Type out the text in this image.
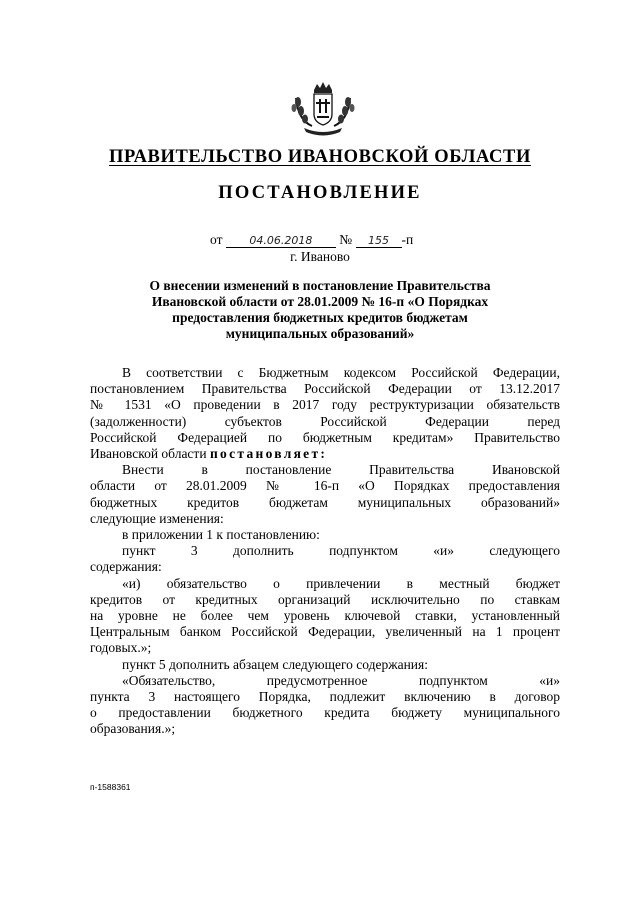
ПРАВИТЕЛЬСТВО ИВАНОВСКОЙ ОБЛАСТИ
ПОСТАНОВЛЕНИЕ
от 04.06.2018 № 155 -п
г. Иваново
О внесении изменений в постановление Правительства
Ивановской области от 28.01.2009 № 16-п «О Порядках
предоставления бюджетных кредитов бюджетам
муниципальных образований»
В соответствии с Бюджетным кодексом Российской Федерации,
постановлением Правительства Российской Федерации от 13.12.2017
№ 1531 «О проведении в 2017 году реструктуризации обязательств
(задолженности) субъектов Российской Федерации перед
Российской Федерацией по бюджетным кредитам» Правительство
Ивановской области постановляет:
Внести в постановление Правительства Ивановской
области от 28.01.2009 № 16-п «О Порядках предоставления
бюджетных кредитов бюджетам муниципальных образований»
следующие изменения:
в приложении 1 к постановлению:
пункт 3 дополнить подпунктом «и» следующего
содержания:
«и) обязательство о привлечении в местный бюджет
кредитов от кредитных организаций исключительно по ставкам
на уровне не более чем уровень ключевой ставки, установленный
Центральным банком Российской Федерации, увеличенный на 1 процент
годовых.»;
пункт 5 дополнить абзацем следующего содержания:
«Обязательство, предусмотренное подпунктом «и»
пункта 3 настоящего Порядка, подлежит включению в договор
о предоставлении бюджетного кредита бюджету муниципального
образования.»;
п-1588361
